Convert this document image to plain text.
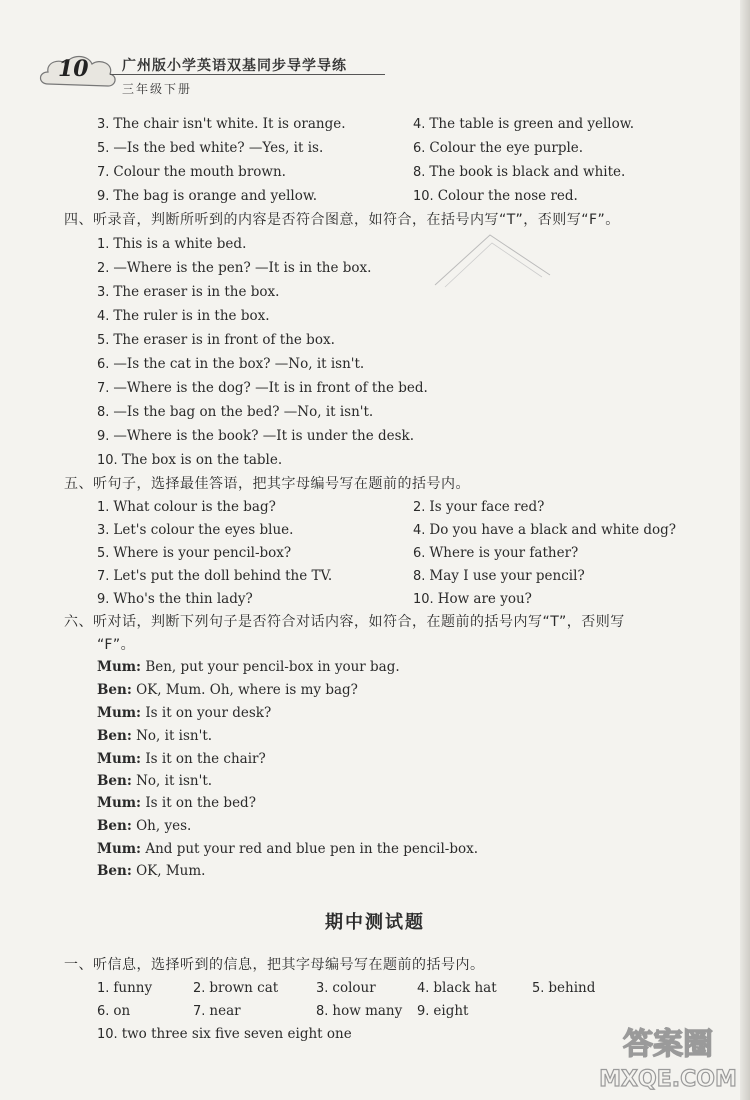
10 广州版小学英语双基同步导学导练
三年级下册
3. The chair isn't white. It is orange.	4. The table is green and yellow.
5. —Is the bed white? —Yes, it is.	6. Colour the eye purple.
7. Colour the mouth brown.	8. The book is black and white.
9. The bag is orange and yellow.	10. Colour the nose red.
四、听录音，判断所听到的内容是否符合图意，如符合，在括号内写“T”，否则写“F”。
1. This is a white bed.
2. —Where is the pen? —It is in the box.
3. The eraser is in the box.
4. The ruler is in the box.
5. The eraser is in front of the box.
6. —Is the cat in the box? —No, it isn't.
7. —Where is the dog? —It is in front of the bed.
8. —Is the bag on the bed? —No, it isn't.
9. —Where is the book? —It is under the desk.
10. The box is on the table.
五、听句子，选择最佳答语，把其字母编号写在题前的括号内。
1. What colour is the bag?	2. Is your face red?
3. Let's colour the eyes blue.	4. Do you have a black and white dog?
5. Where is your pencil-box?	6. Where is your father?
7. Let's put the doll behind the TV.	8. May I use your pencil?
9. Who's the thin lady?	10. How are you?
六、听对话，判断下列句子是否符合对话内容，如符合，在题前的括号内写“T”，否则写
“F”。
Mum: Ben, put your pencil-box in your bag.
Ben: OK, Mum. Oh, where is my bag?
Mum: Is it on your desk?
Ben: No, it isn't.
Mum: Is it on the chair?
Ben: No, it isn't.
Mum: Is it on the bed?
Ben: Oh, yes.
Mum: And put your red and blue pen in the pencil-box.
Ben: OK, Mum.
期中测试题
一、听信息，选择听到的信息，把其字母编号写在题前的括号内。
1. funny	2. brown cat	3. colour	4. black hat	5. behind
6. on	7. near	8. how many 9. eight
10. two three six five seven eight one	答案圈
MXQE.COM
